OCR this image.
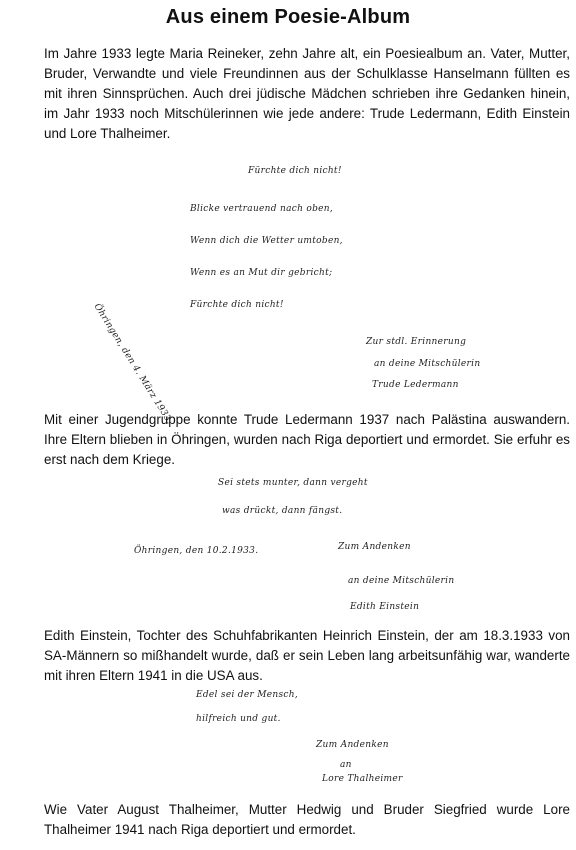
Aus einem Poesie-Album

Im Jahre 1933 legte Maria Reineker, zehn Jahre alt, ein Poesiealbum an. Vater, Mutter, Bruder, Verwandte und viele Freundinnen aus der Schulklasse Hanselmann füllten es mit ihren Sinnsprüchen. Auch drei jüdische Mädchen schrieben ihre Gedanken hinein, im Jahr 1933 noch Mitschülerinnen wie jede andere: Trude Ledermann, Edith Einstein und Lore Thalheimer.

Fürchte dich nicht!
Blicke vertrauend nach oben,
Wenn dich die Wetter umtoben,
Wenn es an Mut dir gebricht;
Fürchte dich nicht!
Öhringen, den 4. März 1933.	Zur stdl. Erinnerung
an deine Mitschülerin
Trude Ledermann

Mit einer Jugendgruppe konnte Trude Ledermann 1937 nach Palästina auswandern. Ihre Eltern blieben in Öhringen, wurden nach Riga deportiert und ermordet. Sie erfuhr es erst nach dem Kriege.

Sei stets munter, dann vergeht
was drückt, dann fängst.
Öhringen, den 10.2.1933.	Zum Andenken
an deine Mitschülerin
Edith Einstein

Edith Einstein, Tochter des Schuhfabrikanten Heinrich Einstein, der am 18.3.1933 von SA-Männern so mißhandelt wurde, daß er sein Leben lang arbeitsunfähig war, wanderte mit ihren Eltern 1941 in die USA aus.

Edel sei der Mensch,
hilfreich und gut.
Zum Andenken
an
Lore Thalheimer

Wie Vater August Thalheimer, Mutter Hedwig und Bruder Siegfried wurde Lore Thalheimer 1941 nach Riga deportiert und ermordet.
